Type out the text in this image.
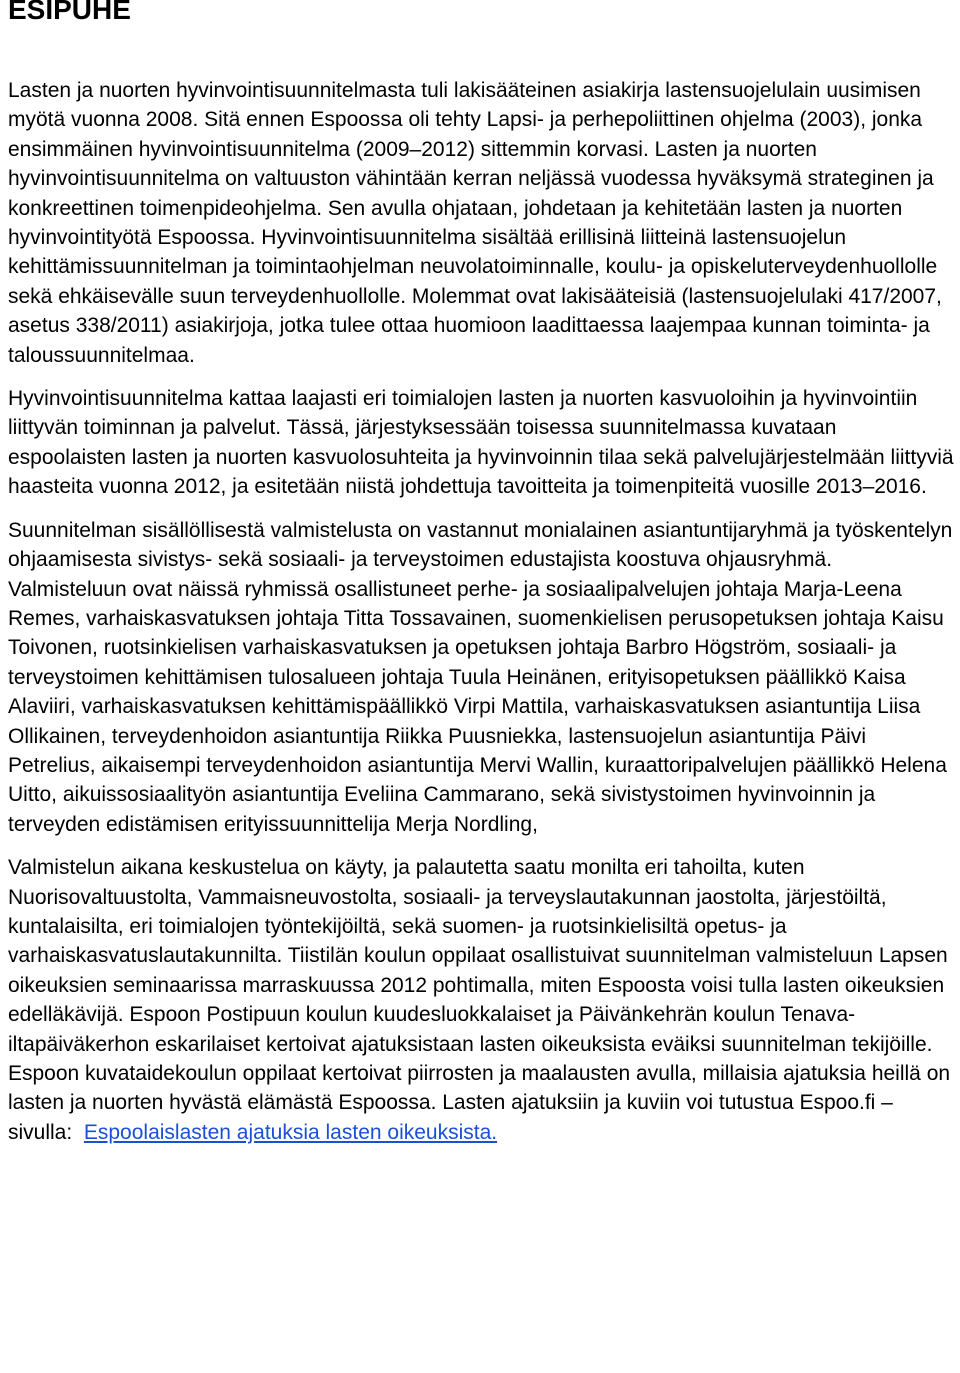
ESIPUHE

Lasten ja nuorten hyvinvointisuunnitelmasta tuli lakisääteinen asiakirja lastensuojelulain uusimisen myötä vuonna 2008. Sitä ennen Espoossa oli tehty Lapsi- ja perhepoliittinen ohjelma (2003), jonka ensimmäinen hyvinvointisuunnitelma (2009–2012) sittemmin korvasi. Lasten ja nuorten hyvinvointisuunnitelma on valtuuston vähintään kerran neljässä vuodessa hyväksymä strateginen ja konkreettinen toimenpideohjelma. Sen avulla ohjataan, johdetaan ja kehitetään lasten ja nuorten hyvinvointityötä Espoossa. Hyvinvointisuunnitelma sisältää erillisinä liitteinä lastensuojelun kehittämissuunnitelman ja toimintaohjelman neuvolatoiminnalle, koulu- ja opiskeluterveydenhuollolle sekä ehkäisevälle suun terveydenhuollolle. Molemmat ovat lakisääteisiä (lastensuojelulaki 417/2007, asetus 338/2011) asiakirjoja, jotka tulee ottaa huomioon laadittaessa laajempaa kunnan toiminta- ja taloussuunnitelmaa.

Hyvinvointisuunnitelma kattaa laajasti eri toimialojen lasten ja nuorten kasvuoloihin ja hyvinvointiin liittyvän toiminnan ja palvelut. Tässä, järjestyksessään toisessa suunnitelmassa kuvataan espoolaisten lasten ja nuorten kasvuolosuhteita ja hyvinvoinnin tilaa sekä palvelujärjestelmään liittyviä haasteita vuonna 2012, ja esitetään niistä johdettuja tavoitteita ja toimenpiteitä vuosille 2013–2016.

Suunnitelman sisällöllisestä valmistelusta on vastannut monialainen asiantuntijaryhmä ja työskentelyn ohjaamisesta sivistys- sekä sosiaali- ja terveystoimen edustajista koostuva ohjausryhmä. Valmisteluun ovat näissä ryhmissä osallistuneet perhe- ja sosiaalipalvelujen johtaja Marja-Leena Remes, varhaiskasvatuksen johtaja Titta Tossavainen, suomenkielisen perusopetuksen johtaja Kaisu Toivonen, ruotsinkielisen varhaiskasvatuksen ja opetuksen johtaja Barbro Högström, sosiaali- ja terveystoimen kehittämisen tulosalueen johtaja Tuula Heinänen, erityisopetuksen päällikkö Kaisa Alaviiri, varhaiskasvatuksen kehittämispäällikkö Virpi Mattila, varhaiskasvatuksen asiantuntija Liisa Ollikainen, terveydenhoidon asiantuntija Riikka Puusniekka, lastensuojelun asiantuntija Päivi Petrelius, aikaisempi terveydenhoidon asiantuntija Mervi Wallin, kuraattoripalvelujen päällikkö Helena Uitto, aikuissosiaalityön asiantuntija Eveliina Cammarano, sekä sivistystoimen hyvinvoinnin ja terveyden edistämisen erityissuunnittelija Merja Nordling,

Valmistelun aikana keskustelua on käyty, ja palautetta saatu monilta eri tahoilta, kuten Nuorisovaltuustolta, Vammaisneuvostolta, sosiaali- ja terveyslautakunnan jaostolta, järjestöiltä, kuntalaisilta, eri toimialojen työntekijöiltä, sekä suomen- ja ruotsinkielisiltä opetus- ja varhaiskasvatuslautakunnilta. Tiistilän koulun oppilaat osallistuivat suunnitelman valmisteluun Lapsen oikeuksien seminaarissa marraskuussa 2012 pohtimalla, miten Espoosta voisi tulla lasten oikeuksien edelläkävijä. Espoon Postipuun koulun kuudesluokkalaiset ja Päivänkehrän koulun Tenava-iltapäiväkerhon eskarilaiset kertoivat ajatuksistaan lasten oikeuksista eväiksi suunnitelman tekijöille. Espoon kuvataidekoulun oppilaat kertoivat piirrosten ja maalausten avulla, millaisia ajatuksia heillä on lasten ja nuorten hyvästä elämästä Espoossa. Lasten ajatuksiin ja kuviin voi tutustua Espoo.fi –sivulla: Espoolaislasten ajatuksia lasten oikeuksista.
